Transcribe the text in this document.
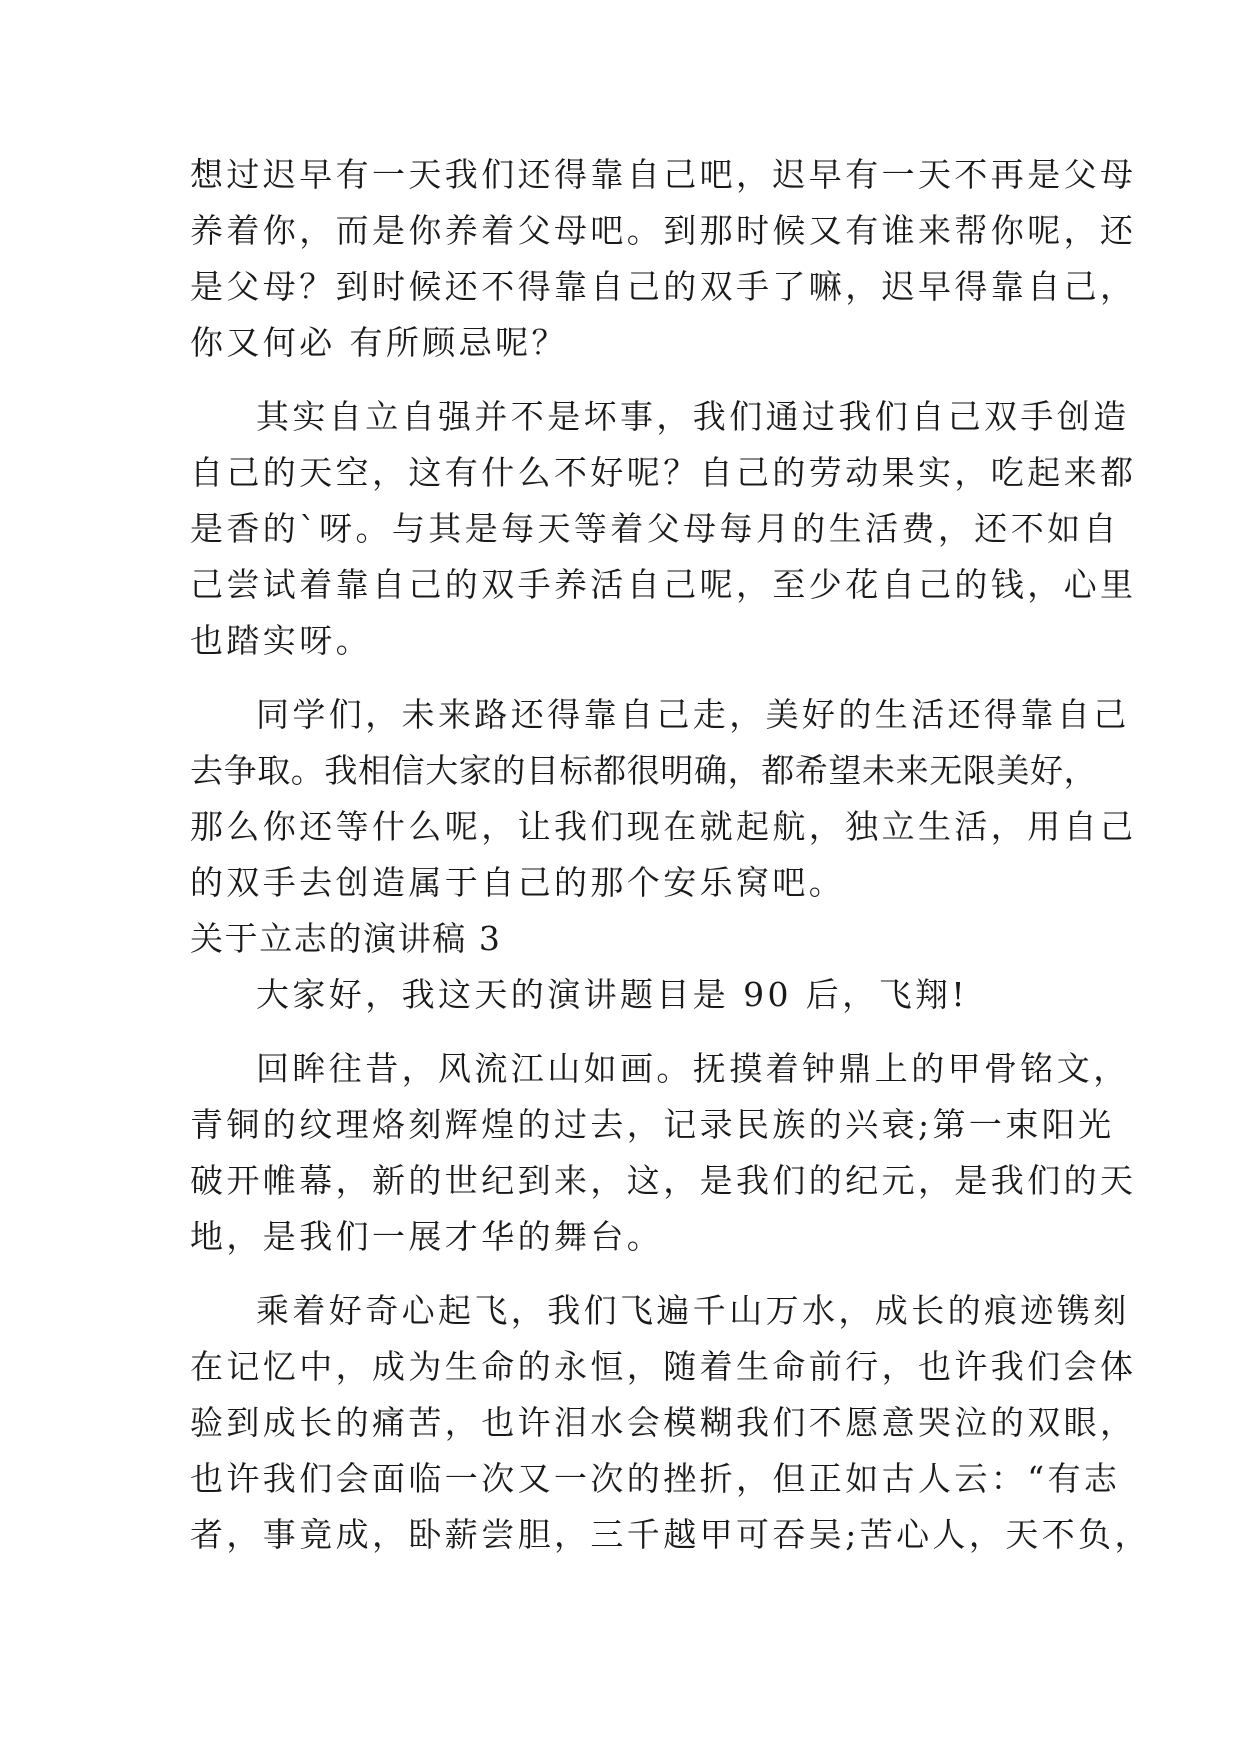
想过迟早有一天我们还得靠自己吧，迟早有一天不再是父母
养着你，而是你养着父母吧。到那时候又有谁来帮你呢，还
是父母？到时候还不得靠自己的双手了嘛，迟早得靠自己，
你又何必 有所顾忌呢？
其实自立自强并不是坏事，我们通过我们自己双手创造
自己的天空，这有什么不好呢？自己的劳动果实，吃起来都
是香的`呀。与其是每天等着父母每月的生活费，还不如自
己尝试着靠自己的双手养活自己呢，至少花自己的钱，心里
也踏实呀。
同学们，未来路还得靠自己走，美好的生活还得靠自己
去争取。我相信大家的目标都很明确，都希望未来无限美好，
那么你还等什么呢，让我们现在就起航，独立生活，用自己
的双手去创造属于自己的那个安乐窝吧。
关于立志的演讲稿 3
大家好，我这天的演讲题目是 90 后，飞翔!
回眸往昔，风流江山如画。抚摸着钟鼎上的甲骨铭文，
青铜的纹理烙刻辉煌的过去，记录民族的兴衰;第一束阳光
破开帷幕，新的世纪到来，这，是我们的纪元，是我们的天
地，是我们一展才华的舞台。
乘着好奇心起飞，我们飞遍千山万水，成长的痕迹镌刻
在记忆中，成为生命的永恒，随着生命前行，也许我们会体
验到成长的痛苦，也许泪水会模糊我们不愿意哭泣的双眼，
也许我们会面临一次又一次的挫折，但正如古人云：“有志
者，事竟成，卧薪尝胆，三千越甲可吞吴;苦心人，天不负，
